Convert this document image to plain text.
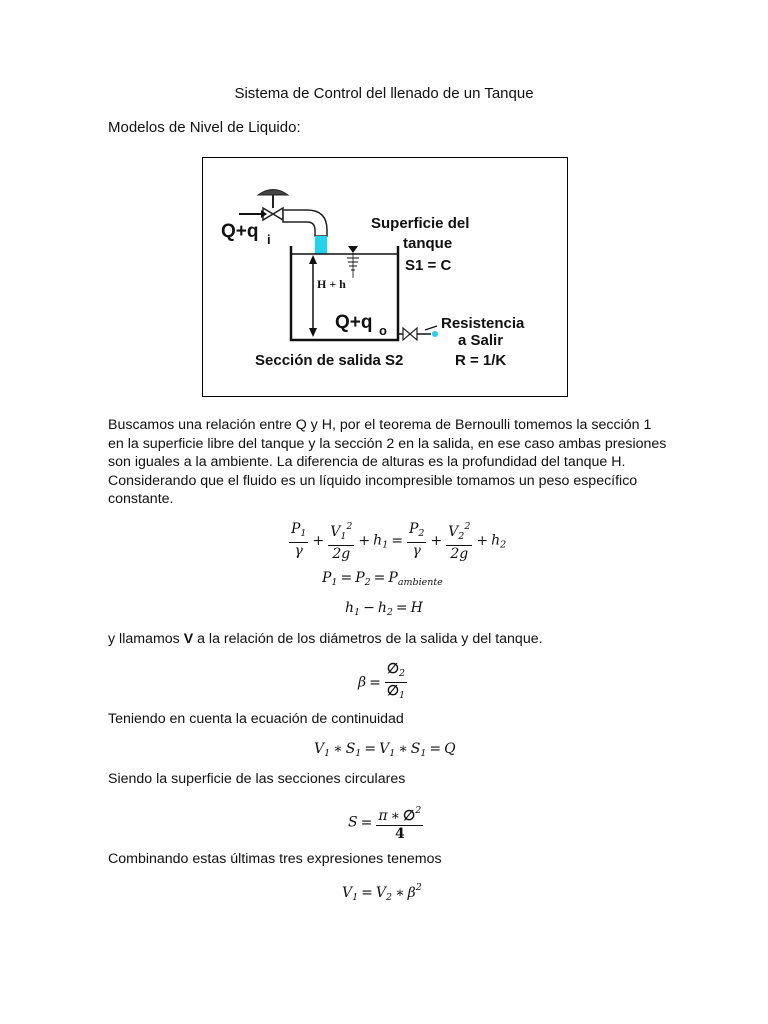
Sistema de Control del llenado de un Tanque
Modelos de Nivel de Liquido:
Q+q i
Superficie del
tanque
S1 = C
H + h
Q+q o	Resistencia
a Salir
R = 1/K
Sección de salida S2
Buscamos una relación entre Q y H, por el teorema de Bernoulli tomemos la sección 1 en la superficie libre del tanque y la sección 2 en la salida, en ese caso ambas presiones son iguales a la ambiente. La diferencia de alturas es la profundidad del tanque H. Considerando que el fluido es un líquido incompresible tomamos un peso específico constante.
$\frac{P_1}{\gamma} + \frac{V_1^2}{2g} + h_1 = \frac{P_2}{\gamma} + \frac{V_2^2}{2g} + h_2$
$P_1 = P_2 = P_{ambiente}$
$h_1 - h_2 = H$
y llamamos V a la relación de los diámetros de la salida y del tanque.
$\beta = \frac{\emptyset_2}{\emptyset_1}$
Teniendo en cuenta la ecuación de continuidad
$V_1$ ∗ $S_1 = V_1$ ∗ $S_1 = Q$
Siendo la superficie de las secciones circulares
$S = \frac{\pi ∗ \emptyset^2}{4}$
Combinando estas últimas tres expresiones tenemos
$V_1 = V_2$ ∗ $\beta^2$
